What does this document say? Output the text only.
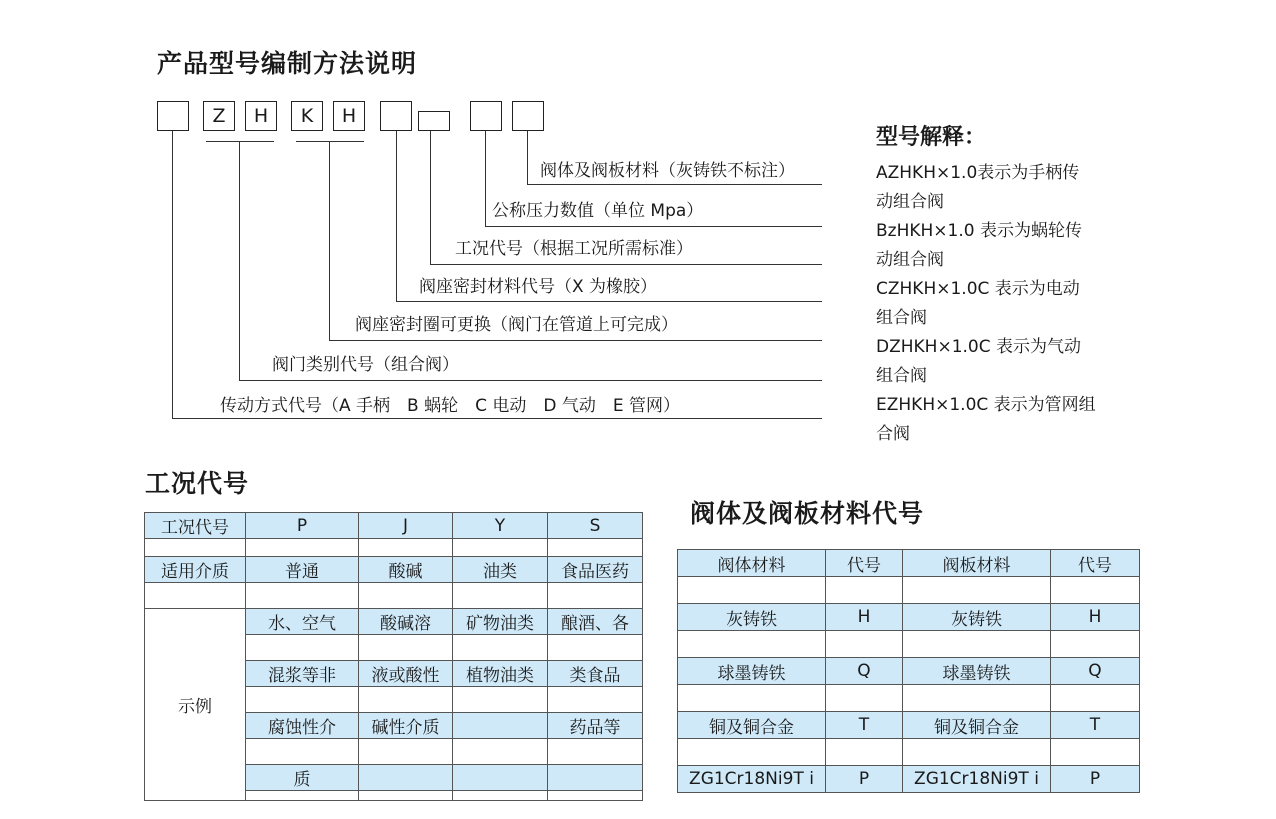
产品型号编制方法说明
Z	H	K	H
阀体及阀板材料（灰铸铁不标注）
公称压力数值（单位 Mpa）
工况代号（根据工况所需标准）
阀座密封材料代号（X 为橡胶）
阀座密封圈可更换（阀门在管道上可完成）
阀门类别代号（组合阀）
传动方式代号（A 手柄　B 蜗轮　C 电动　D 气动　E 管网）
型号解释：
AZHKH×1.0表示为手柄传
动组合阀
BzHKH×1.0 表示为蜗轮传
动组合阀
CZHKH×1.0C 表示为电动
组合阀
DZHKH×1.0C 表示为气动
组合阀
EZHKH×1.0C 表示为管网组
合阀
工况代号
工况代号	P	J	Y	S

适用介质	普通	酸碱	油类	食品医药

示例	水、空气	酸碱溶	矿物油类	酿酒、各

	混浆等非	液或酸性	植物油类	类食品

	腐蚀性介	碱性介质		药品等

	质			

阀体及阀板材料代号
阀体材料	代号	阀板材料	代号

灰铸铁	H	灰铸铁	H

球墨铸铁	Q	球墨铸铁	Q

铜及铜合金	T	铜及铜合金	T

ZG1Cr18Ni9T i	P	ZG1Cr18Ni9T i	P
